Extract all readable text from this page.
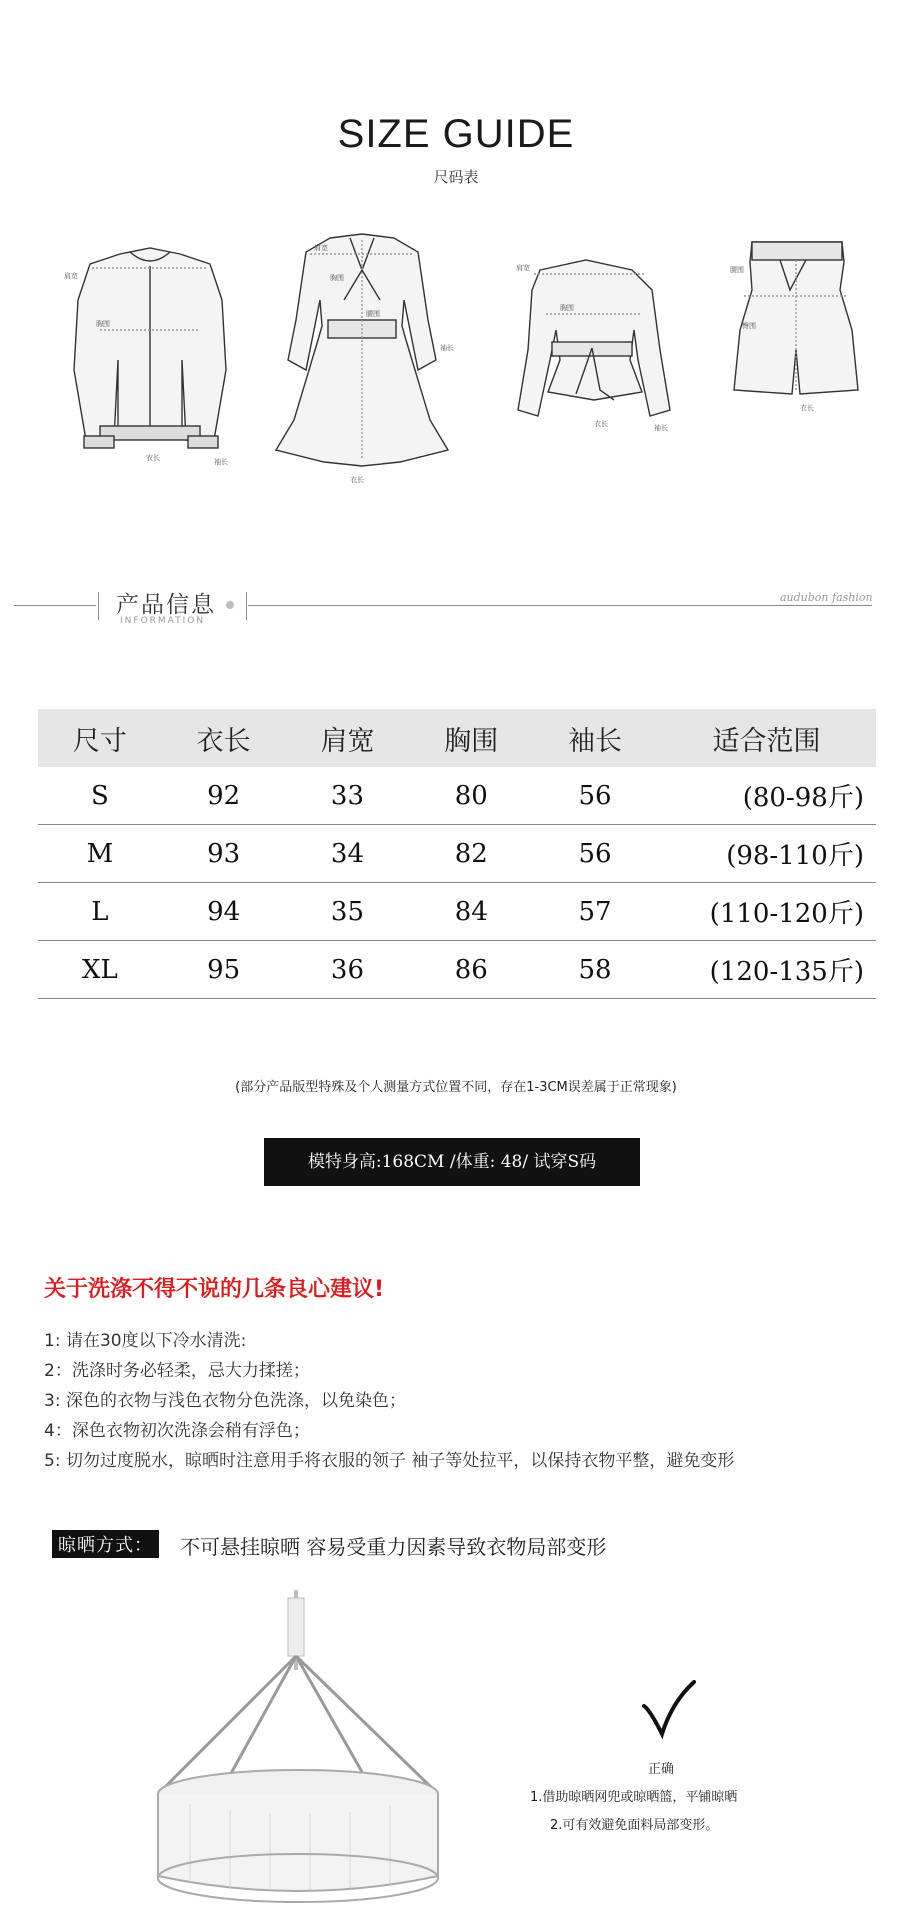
SIZE GUIDE
尺码表
肩宽
胸围
衣长	袖长
肩宽
胸围
腰围
袖长
衣长
肩宽
胸围
衣长	袖长
腰围
臀围
衣长
产品信息
INFORMATION
audubon fashion
尺寸	衣长	肩宽	胸围	袖长	适合范围
S	92	33	80	56	(80-98斤)
M	93	34	82	56	(98-110斤)
L	94	35	84	57	(110-120斤)
XL	95	36	86	58	(120-135斤)
(部分产品版型特殊及个人测量方式位置不同，存在1-3CM误差属于正常现象)
模特身高:168CM /体重: 48/ 试穿S码
关于洗涤不得不说的几条良心建议!
1: 请在30度以下冷水清洗:
2：洗涤时务必轻柔，忌大力揉搓；
3: 深色的衣物与浅色衣物分色洗涤，以免染色；
4：深色衣物初次洗涤会稍有浮色；
5: 切勿过度脱水，晾晒时注意用手将衣服的领子 袖子等处拉平，以保持衣物平整，避免变形
晾晒方式：	不可悬挂晾晒 容易受重力因素导致衣物局部变形
正确
1.借助晾晒网兜或晾晒篮，平铺晾晒
2.可有效避免面料局部变形。
